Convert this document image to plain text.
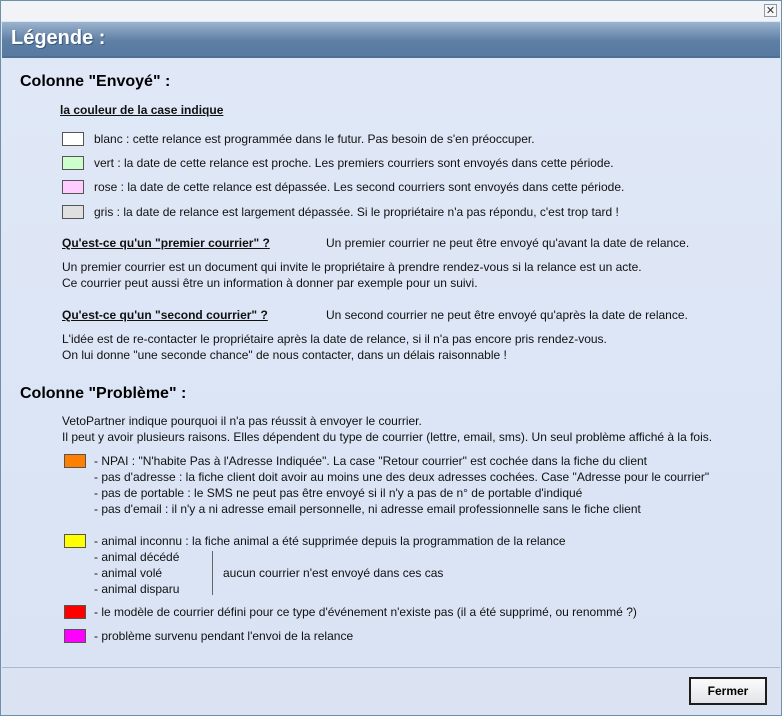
✕
Légende :
Colonne "Envoyé" :
la couleur de la case indique
blanc : cette relance est programmée dans le futur. Pas besoin de s'en préoccuper.
vert : la date de cette relance est proche. Les premiers courriers sont envoyés dans cette période.
rose : la date de cette relance est dépassée. Les second courriers sont envoyés dans cette période.
gris : la date de relance est largement dépassée. Si le propriétaire n'a pas répondu, c'est trop tard !
Qu'est-ce qu'un "premier courrier" ?	Un premier courrier ne peut être envoyé qu'avant la date de relance.
Un premier courrier est un document qui invite le propriétaire à prendre rendez-vous si la relance est un acte.
Ce courrier peut aussi être un information à donner par exemple pour un suivi.
Qu'est-ce qu'un "second courrier" ?	Un second courrier ne peut être envoyé qu'après la date de relance.
L'idée est de re-contacter le propriétaire après la date de relance, si il n'a pas encore pris rendez-vous.
On lui donne "une seconde chance" de nous contacter, dans un délais raisonnable !
Colonne "Problème" :
VetoPartner indique pourquoi il n'a pas réussit à envoyer le courrier.
Il peut y avoir plusieurs raisons. Elles dépendent du type de courrier (lettre, email, sms). Un seul problème affiché à la fois.
- NPAI : "N'habite Pas à l'Adresse Indiquée". La case "Retour courrier" est cochée dans la fiche du client
- pas d'adresse : la fiche client doit avoir au moins une des deux adresses cochées. Case "Adresse pour le courrier"
- pas de portable : le SMS ne peut pas être envoyé si il n'y a pas de n° de portable d'indiqué
- pas d'email : il n'y a ni adresse email personnelle, ni adresse email professionnelle sans le fiche client
- animal inconnu : la fiche animal a été supprimée depuis la programmation de la relance
- animal décédé
- animal volé
- animal disparu
aucun courrier n'est envoyé dans ces cas
- le modèle de courrier défini pour ce type d'événement n'existe pas (il a été supprimé, ou renommé ?)
- problème survenu pendant l'envoi de la relance
Fermer
